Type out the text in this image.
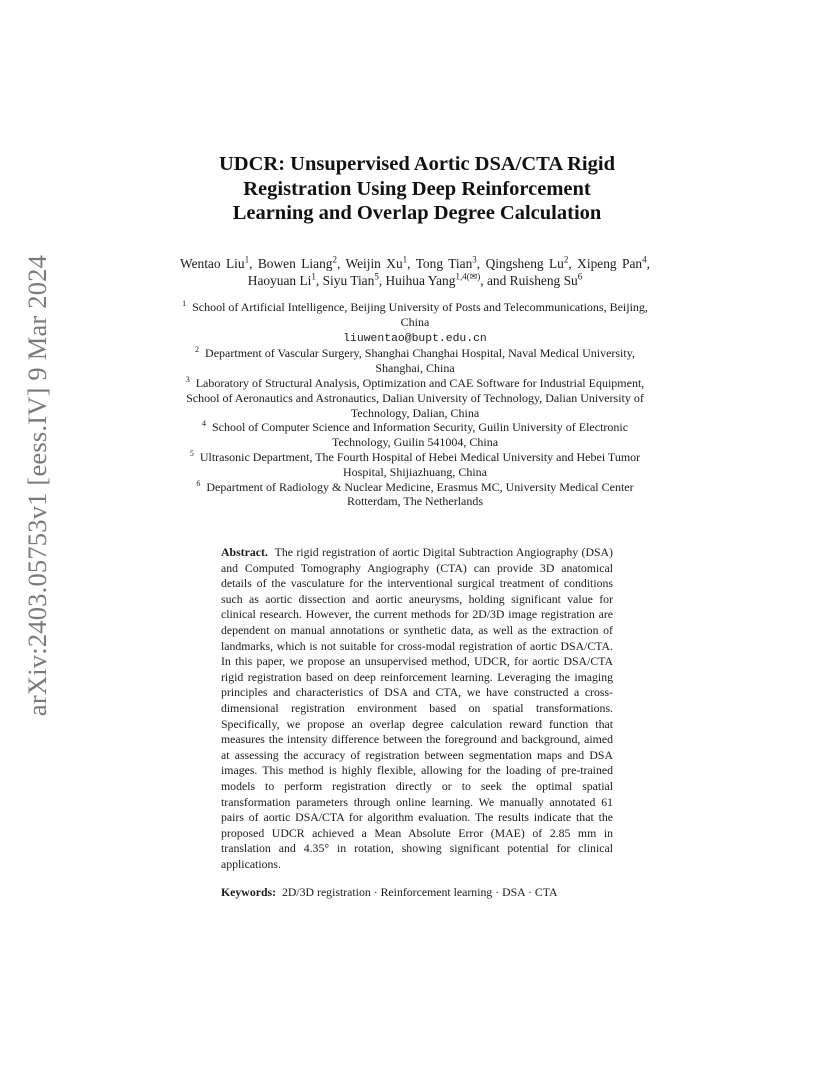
arXiv:2403.05753v1 [eess.IV] 9 Mar 2024
UDCR: Unsupervised Aortic DSA/CTA Rigid
Registration Using Deep Reinforcement
Learning and Overlap Degree Calculation

Wentao Liu$^1$, Bowen Liang$^2$, Weijin Xu$^1$, Tong Tian$^3$, Qingsheng Lu$^2$, Xipeng Pan$^4$, Haoyuan Li$^1$, Siyu Tian$^5$, Huihua Yang$^{1,4(✉)}$, and Ruisheng Su$^6$

$^1$ School of Artificial Intelligence, Beijing University of Posts and Telecommunications, Beijing, China

liuwentao@bupt.edu.cn

$^2$ Department of Vascular Surgery, Shanghai Changhai Hospital, Naval Medical University, Shanghai, China

$^3$ Laboratory of Structural Analysis, Optimization and CAE Software for Industrial Equipment, School of Aeronautics and Astronautics, Dalian University of Technology, Dalian University of Technology, Dalian, China

$^4$ School of Computer Science and Information Security, Guilin University of Electronic Technology, Guilin 541004, China

$^5$ Ultrasonic Department, The Fourth Hospital of Hebei Medical University and Hebei Tumor Hospital, Shijiazhuang, China

$^6$ Department of Radiology & Nuclear Medicine, Erasmus MC, University Medical Center Rotterdam, The Netherlands

Abstract. The rigid registration of aortic Digital Subtraction Angiography (DSA) and Computed Tomography Angiography (CTA) can provide 3D anatomical details of the vasculature for the interventional surgical treatment of conditions such as aortic dissection and aortic aneurysms, holding significant value for clinical research. However, the current methods for 2D/3D image registration are dependent on manual annotations or synthetic data, as well as the extraction of landmarks, which is not suitable for cross-modal registration of aortic DSA/CTA. In this paper, we propose an unsupervised method, UDCR, for aortic DSA/CTA rigid registration based on deep reinforcement learning. Leveraging the imaging principles and characteristics of DSA and CTA, we have constructed a cross-dimensional registration environment based on spatial transformations. Specifically, we propose an overlap degree calculation reward function that measures the intensity difference between the foreground and background, aimed at assessing the accuracy of registration between segmentation maps and DSA images. This method is highly flexible, allowing for the loading of pre-trained models to perform registration directly or to seek the optimal spatial transformation parameters through online learning. We manually annotated 61 pairs of aortic DSA/CTA for algorithm evaluation. The results indicate that the proposed UDCR achieved a Mean Absolute Error (MAE) of 2.85 mm in translation and 4.35° in rotation, showing significant potential for clinical applications.

Keywords: 2D/3D registration · Reinforcement learning · DSA · CTA
